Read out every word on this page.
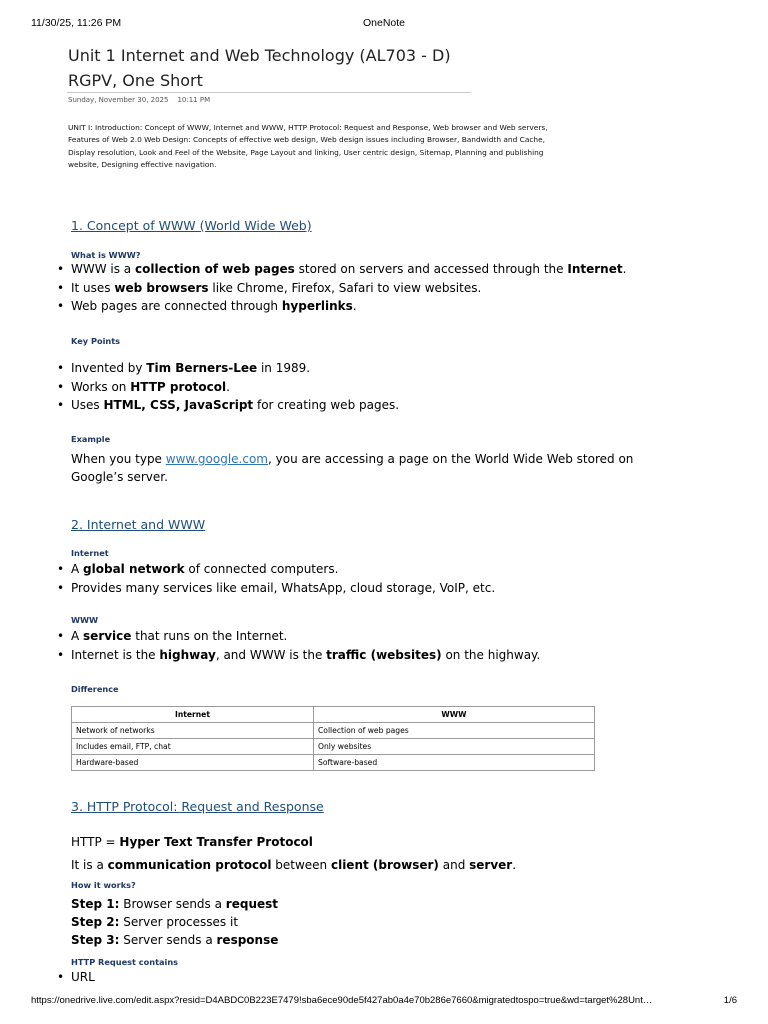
11/30/25, 11:26 PM	OneNote
Unit 1 Internet and Web Technology (AL703 - D)
RGPV, One Short
Sunday, November 30, 2025 10:11 PM
UNIT I: Introduction: Concept of WWW, Internet and WWW, HTTP Protocol: Request and Response, Web browser and Web servers, Features of Web 2.0 Web Design: Concepts of effective web design, Web design issues including Browser, Bandwidth and Cache, Display resolution, Look and Feel of the Website, Page Layout and linking, User centric design, Sitemap, Planning and publishing website, Designing effective navigation.
1. Concept of WWW (World Wide Web)
What is WWW?
• WWW is a collection of web pages stored on servers and accessed through the Internet.
• It uses web browsers like Chrome, Firefox, Safari to view websites.
• Web pages are connected through hyperlinks.
Key Points
• Invented by Tim Berners-Lee in 1989.
• Works on HTTP protocol.
• Uses HTML, CSS, JavaScript for creating web pages.
Example
When you type www.google.com, you are accessing a page on the World Wide Web stored on
Google’s server.
2. Internet and WWW
Internet
• A global network of connected computers.
• Provides many services like email, WhatsApp, cloud storage, VoIP, etc.
WWW
• A service that runs on the Internet.
• Internet is the highway, and WWW is the traffic (websites) on the highway.
Difference
Internet	WWW
Network of networks	Collection of web pages
Includes email, FTP, chat	Only websites
Hardware-based	Software-based
3. HTTP Protocol: Request and Response
HTTP = Hyper Text Transfer Protocol
It is a communication protocol between client (browser) and server.
How it works?
Step 1: Browser sends a request
Step 2: Server processes it
Step 3: Server sends a response
HTTP Request contains
• URL
https://onedrive.live.com/edit.aspx?resid=D4ABDC0B223E7479!sba6ece90de5f427ab0a4e70b286e7660&migratedtospo=true&wd=target%28Unt…	1/6
